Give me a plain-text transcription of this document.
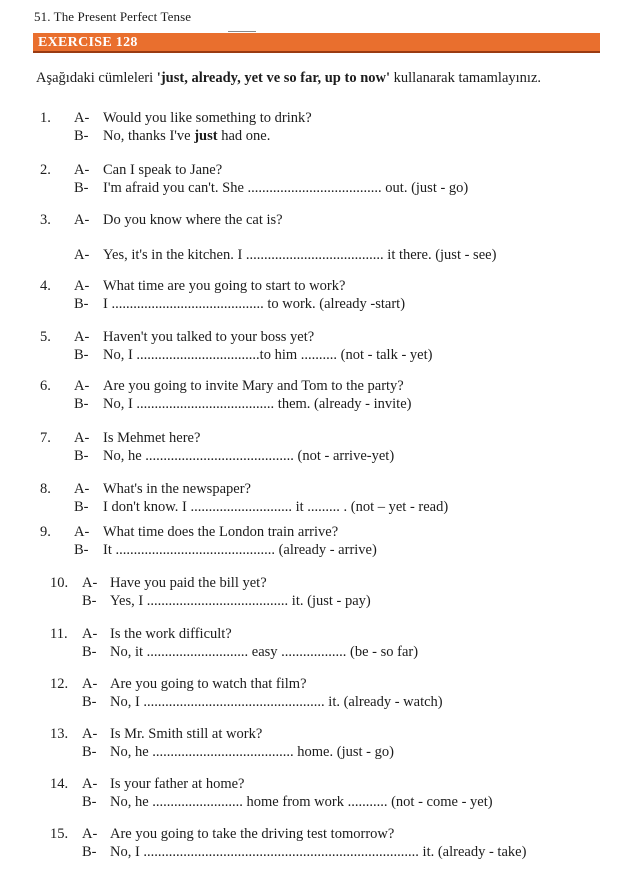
51. The Present Perfect Tense
EXERCISE 128
Aşağıdaki cümleleri 'just, already, yet ve so far, up to now' kullanarak tamamlayınız.
1. A- Would you like something to drink?
B- No, thanks I've just had one.
2. A- Can I speak to Jane?
B- I'm afraid you can't. She ..................................... out. (just - go)
3. A- Do you know where the cat is?
A- Yes, it's in the kitchen. I ...................................... it there. (just - see)
4. A- What time are you going to start to work?
B- I .......................................... to work. (already -start)
5. A- Haven't you talked to your boss yet?
B- No, I ..................................to him .......... (not - talk - yet)
6. A- Are you going to invite Mary and Tom to the party?
B- No, I ...................................... them. (already - invite)
7. A- Is Mehmet here?
B- No, he ......................................... (not - arrive-yet)
8. A- What's in the newspaper?
B- I don't know. I ............................ it ......... . (not – yet - read)
9. A- What time does the London train arrive?
B- It ............................................ (already - arrive)
10. A- Have you paid the bill yet?
B- Yes, I ....................................... it. (just - pay)
11. A- Is the work difficult?
B- No, it ............................ easy .................. (be - so far)
12. A- Are you going to watch that film?
B- No, I .................................................. it. (already - watch)
13. A- Is Mr. Smith still at work?
B- No, he ....................................... home. (just - go)
14. A- Is your father at home?
B- No, he ......................... home from work ........... (not - come - yet)
15. A- Are you going to take the driving test tomorrow?
B- No, I ............................................................................ it. (already - take)
